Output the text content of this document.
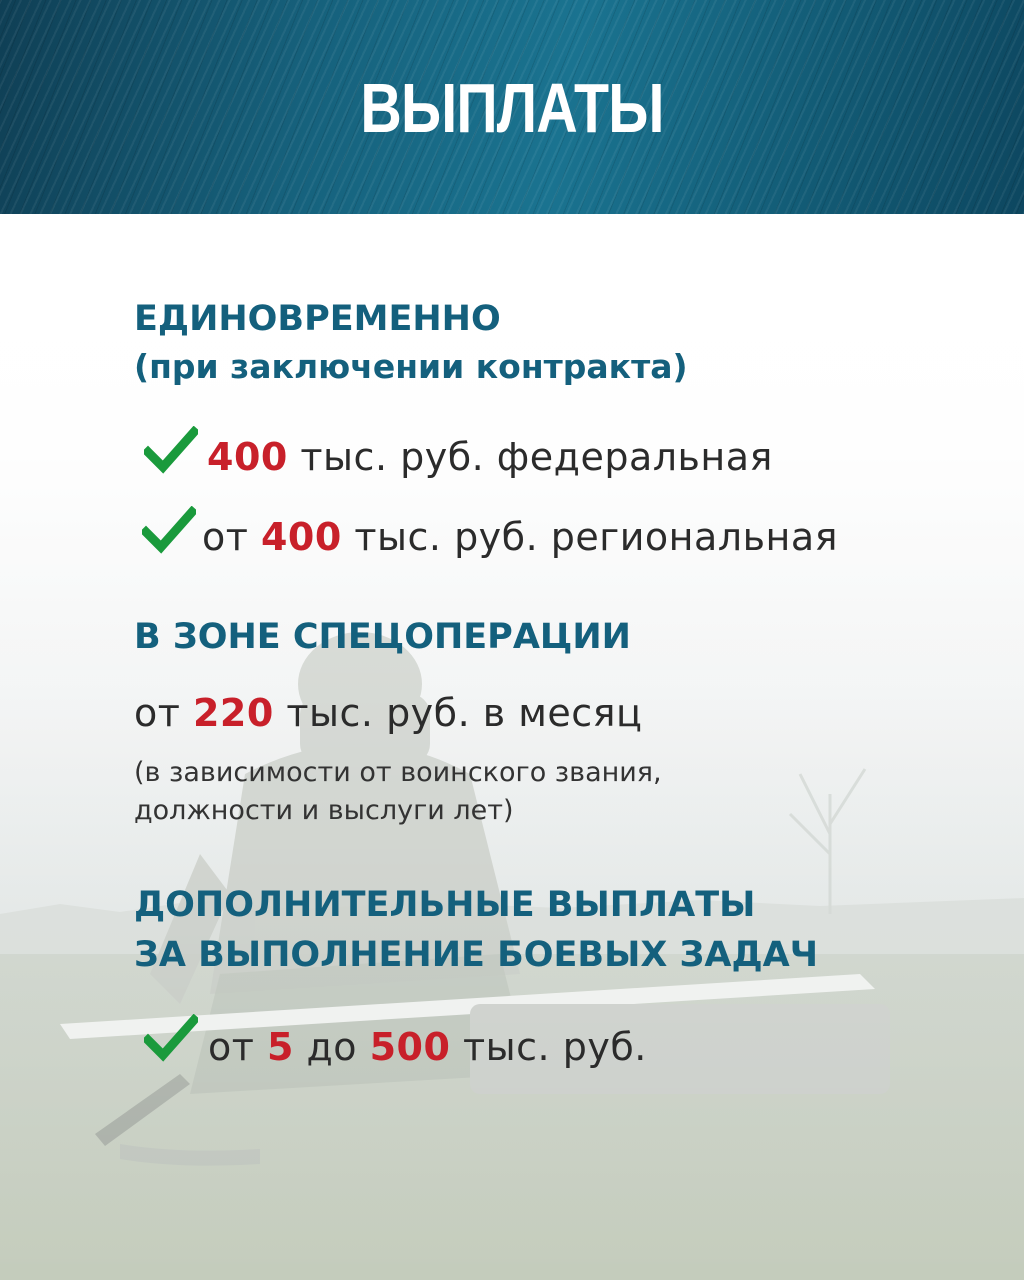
ВЫПЛАТЫ
ЕДИНОВРЕМЕННО
(при заключении контракта)
400 тыс. руб. федеральная
от 400 тыс. руб. региональная
В ЗОНЕ СПЕЦОПЕРАЦИИ
от 220 тыс. руб. в месяц
(в зависимости от воинского звания,
должности и выслуги лет)
ДОПОЛНИТЕЛЬНЫЕ ВЫПЛАТЫ
ЗА ВЫПОЛНЕНИЕ БОЕВЫХ ЗАДАЧ
от 5 до 500 тыс. руб.
